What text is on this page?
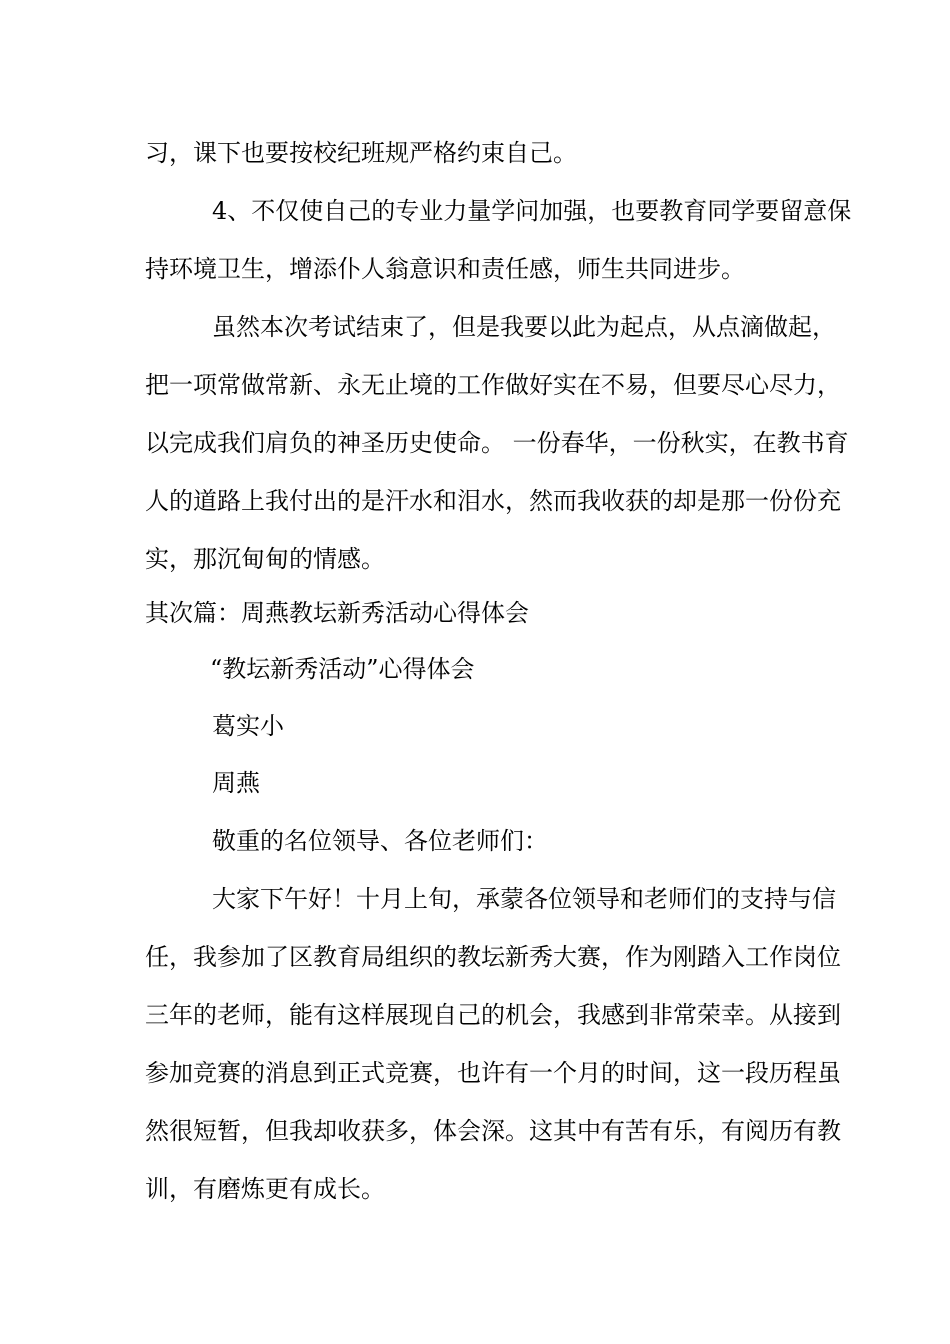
习，课下也要按校纪班规严格约束自己。
4、不仅使自己的专业力量学问加强，也要教育同学要留意保
持环境卫生，增添仆人翁意识和责任感，师生共同进步。
虽然本次考试结束了，但是我要以此为起点，从点滴做起，
把一项常做常新、永无止境的工作做好实在不易，但要尽心尽力，
以完成我们肩负的神圣历史使命。 一份春华，一份秋实，在教书育
人的道路上我付出的是汗水和泪水，然而我收获的却是那一份份充
实，那沉甸甸的情感。
其次篇：周燕教坛新秀活动心得体会
“教坛新秀活动”心得体会
葛实小
周燕
敬重的名位领导、各位老师们：
大家下午好！十月上旬，承蒙各位领导和老师们的支持与信
任，我参加了区教育局组织的教坛新秀大赛，作为刚踏入工作岗位
三年的老师，能有这样展现自己的机会，我感到非常荣幸。从接到
参加竞赛的消息到正式竞赛，也许有一个月的时间，这一段历程虽
然很短暂，但我却收获多，体会深。这其中有苦有乐，有阅历有教
训，有磨炼更有成长。
